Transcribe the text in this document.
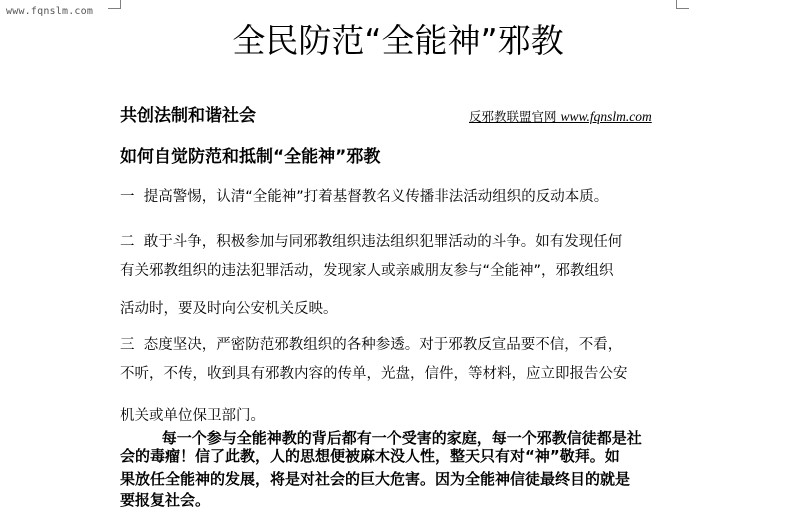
www.fqnslm.com
全民防范“全能神”邪教
共创法制和谐社会	反邪教联盟官网 www.fqnslm.com
如何自觉防范和抵制“全能神”邪教
一  提高警惕，认清“全能神”打着基督教名义传播非法活动组织的反动本质。
二  敢于斗争，积极参加与同邪教组织违法组织犯罪活动的斗争。如有发现任何
有关邪教组织的违法犯罪活动，发现家人或亲戚朋友参与“全能神”，邪教组织
活动时，要及时向公安机关反映。
三  态度坚决，严密防范邪教组织的各种参透。对于邪教反宣品要不信，不看，
不听，不传，收到具有邪教内容的传单，光盘，信件，等材料，应立即报告公安
机关或单位保卫部门。
每一个参与全能神教的背后都有一个受害的家庭，每一个邪教信徒都是社
会的毒瘤！信了此教，人的思想便被麻木没人性，整天只有对“神”敬拜。如
果放任全能神的发展，将是对社会的巨大危害。因为全能神信徒最终目的就是
要报复社会。
